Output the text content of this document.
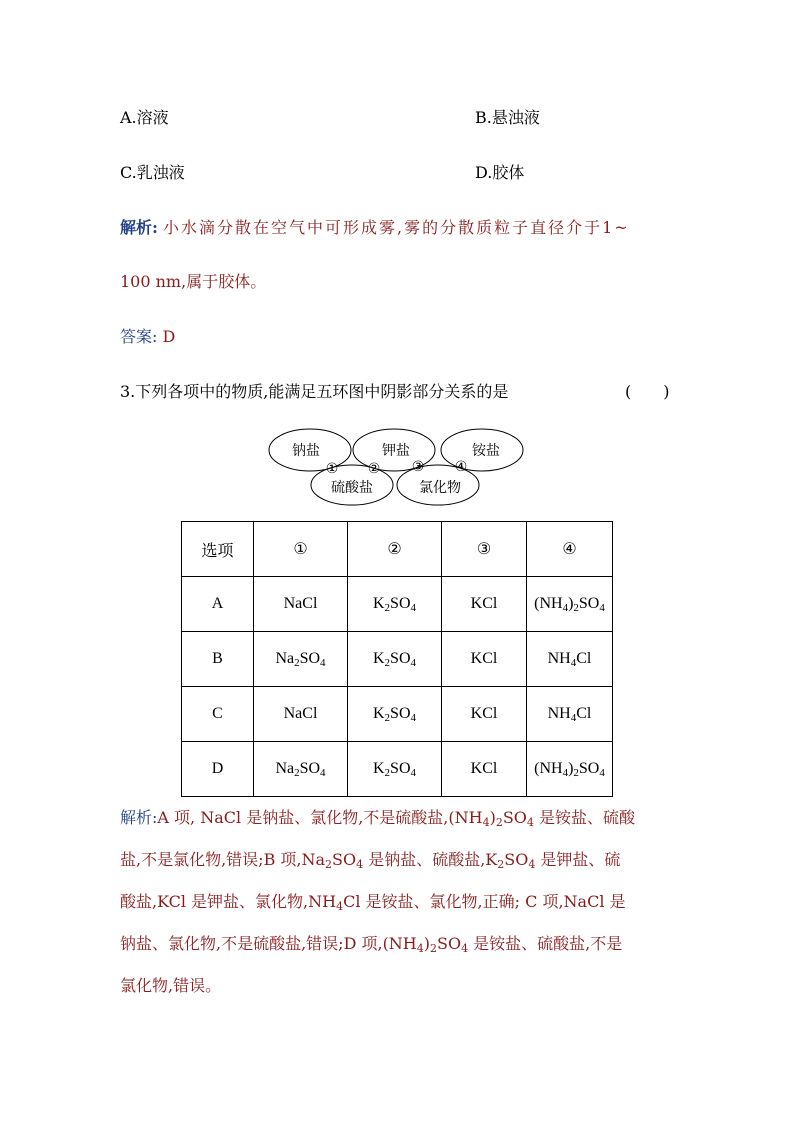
A.溶液	B.悬浊液
C.乳浊液	D.胶体
解析: 小水滴分散在空气中可形成雾,雾的分散质粒子直径介于1~
100 nm,属于胶体。
答案: D
3.下列各项中的物质,能满足五环图中阴影部分关系的是	(　　)
钠盐	钾盐	铵盐
硫酸盐	氯化物
① ② ③ ④
选项	①	②	③	④
A	NaCl	$K_2SO_4$	KCl	$(NH_4)_2SO_4$
B	$Na_2SO_4$	$K_2SO_4$	KCl	$NH_4Cl$
C	NaCl	$K_2SO_4$	KCl	$NH_4Cl$
D	$Na_2SO_4$	$K_2SO_4$	KCl	$(NH_4)_2SO_4$
解析:A 项, NaCl 是钠盐、氯化物,不是硫酸盐$,(NH_4)_2SO_4$ 是铵盐、硫酸
盐,不是氯化物,错误;B 项$,Na_2SO_4$ 是钠盐、硫酸盐$,K_2SO_4$ 是钾盐、硫
酸盐,KCl 是钾盐、氯化物$,NH_4Cl$ 是铵盐、氯化物,正确; C 项,NaCl 是
钠盐、氯化物,不是硫酸盐,错误;D 项$,(NH_4)_2SO_4$ 是铵盐、硫酸盐,不是
氯化物,错误。
